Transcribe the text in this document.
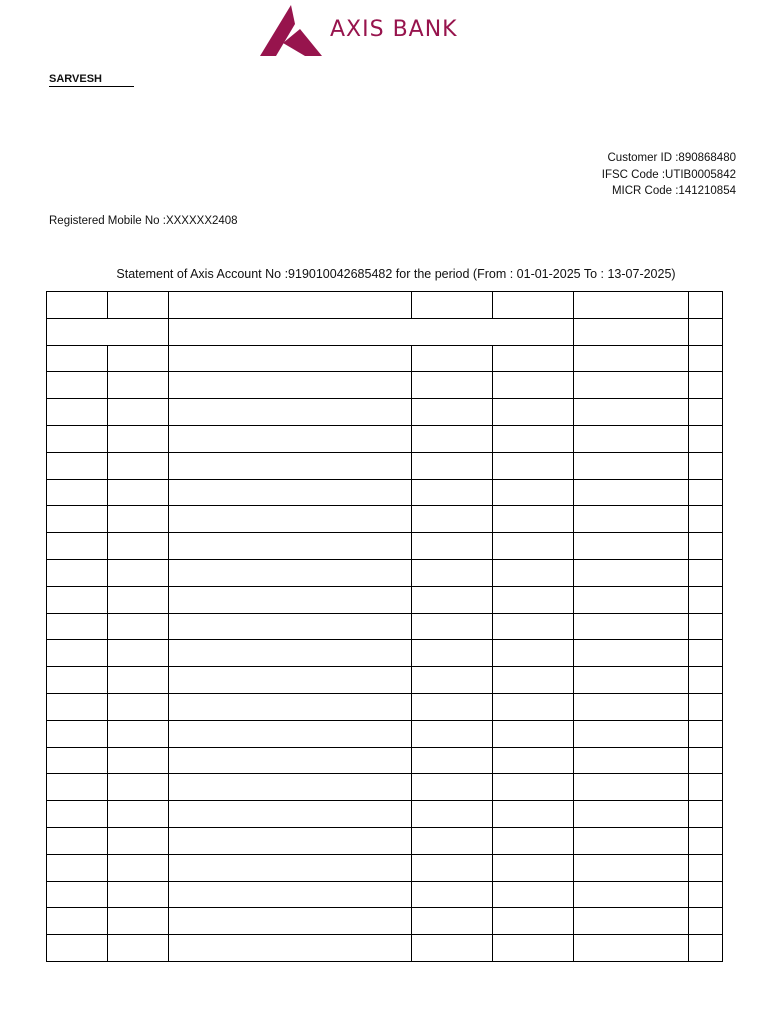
AXIS BANK
SARVESH
Customer ID :890868480
IFSC Code :UTIB0005842
MICR Code :141210854
Registered Mobile No :XXXXXX2408
Statement of Axis Account No :919010042685482 for the period (From : 01-01-2025 To : 13-07-2025)
